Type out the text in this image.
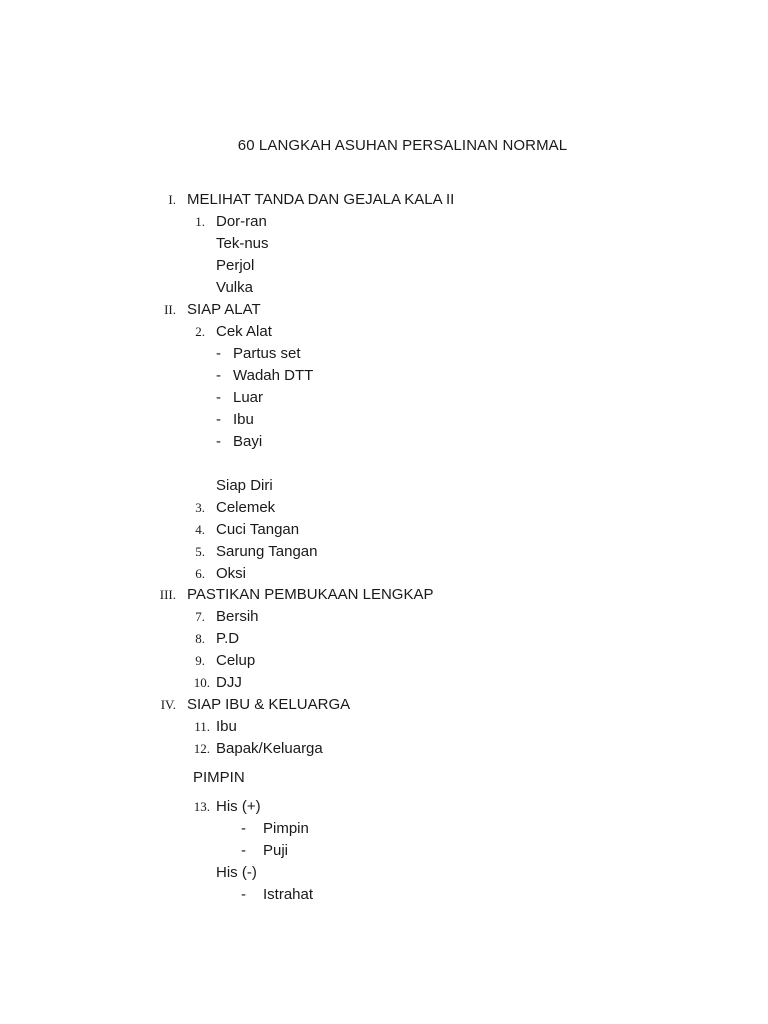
60 LANGKAH ASUHAN PERSALINAN NORMAL
I. MELIHAT TANDA DAN GEJALA KALA II
1. Dor-ran
Tek-nus
Perjol
Vulka
II. SIAP ALAT
2. Cek Alat
- Partus set
- Wadah DTT
- Luar
- Ibu
- Bayi
Siap Diri
3. Celemek
4. Cuci Tangan
5. Sarung Tangan
6. Oksi
III. PASTIKAN PEMBUKAAN LENGKAP
7. Bersih
8. P.D
9. Celup
10. DJJ
IV. SIAP IBU & KELUARGA
11. Ibu
12. Bapak/Keluarga
PIMPIN
13. His (+)
- Pimpin
- Puji
His (-)
- Istrahat
